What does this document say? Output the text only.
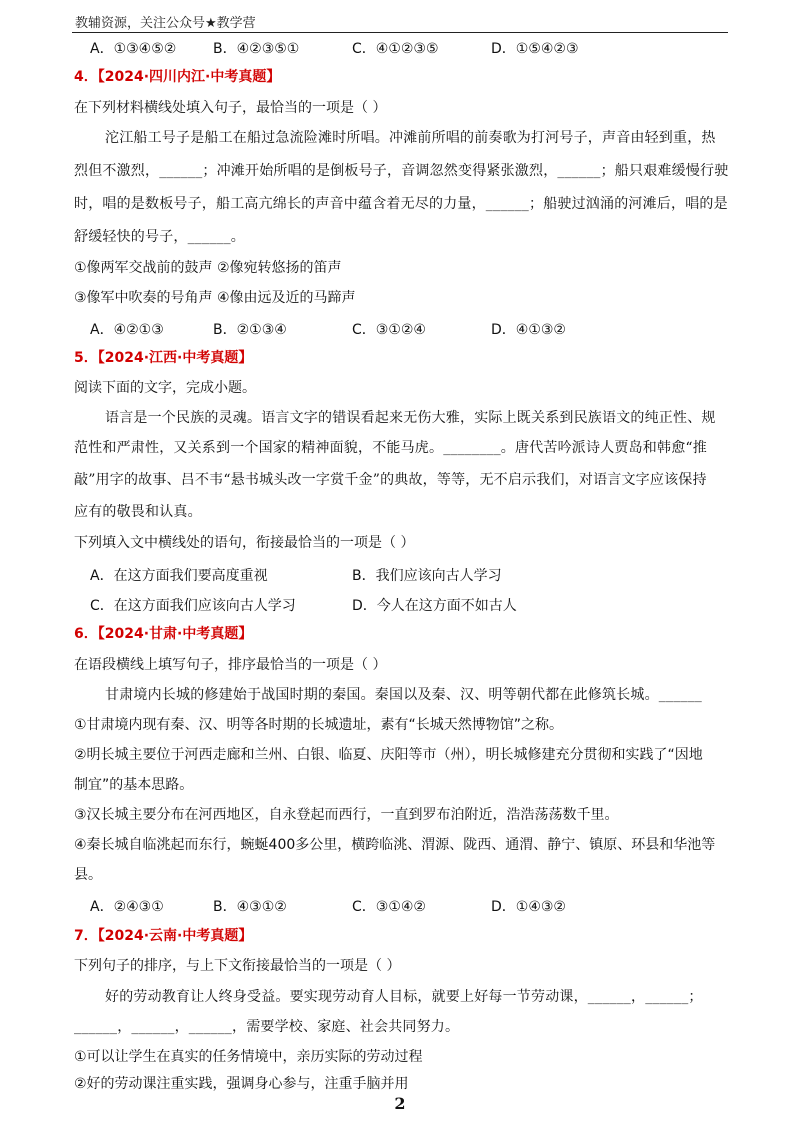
教辅资源，关注公众号★教学营
A．①③④⑤②	B．④②③⑤①	C．④①②③⑤	D．①⑤④②③
4．【2024·四川内江·中考真题】
在下列材料横线处填入句子，最恰当的一项是（ ）
沱江船工号子是船工在船过急流险滩时所唱。冲滩前所唱的前奏歌为打河号子，声音由轻到重，热
烈但不激烈，______；冲滩开始所唱的是倒板号子，音调忽然变得紧张激烈，______；船只艰难缓慢行驶
时，唱的是数板号子，船工高亢绵长的声音中蕴含着无尽的力量，______；船驶过汹涌的河滩后，唱的是
舒缓轻快的号子，______。
①像两军交战前的鼓声 ②像宛转悠扬的笛声
③像军中吹奏的号角声 ④像由远及近的马蹄声
A．④②①③	B．②①③④	C．③①②④	D．④①③②
5．【2024·江西·中考真题】
阅读下面的文字，完成小题。
语言是一个民族的灵魂。语言文字的错误看起来无伤大雅，实际上既关系到民族语文的纯正性、规
范性和严肃性，又关系到一个国家的精神面貌，不能马虎。________。唐代苦吟派诗人贾岛和韩愈“推
敲”用字的故事、吕不韦“悬书城头改一字赏千金”的典故，等等，无不启示我们，对语言文字应该保持
应有的敬畏和认真。
下列填入文中横线处的语句，衔接最恰当的一项是（ ）
A．在这方面我们要高度重视	B．我们应该向古人学习
C．在这方面我们应该向古人学习	D．今人在这方面不如古人
6．【2024·甘肃·中考真题】
在语段横线上填写句子，排序最恰当的一项是（ ）
甘肃境内长城的修建始于战国时期的秦国。秦国以及秦、汉、明等朝代都在此修筑长城。______
①甘肃境内现有秦、汉、明等各时期的长城遗址，素有“长城天然博物馆”之称。
②明长城主要位于河西走廊和兰州、白银、临夏、庆阳等市（州），明长城修建充分贯彻和实践了“因地
制宜”的基本思路。
③汉长城主要分布在河西地区，自永登起而西行，一直到罗布泊附近，浩浩荡荡数千里。
④秦长城自临洮起而东行，蜿蜒400多公里，横跨临洮、渭源、陇西、通渭、静宁、镇原、环县和华池等
县。
A．②④③①	B．④③①②	C．③①④②	D．①④③②
7．【2024·云南·中考真题】
下列句子的排序，与上下文衔接最恰当的一项是（ ）
好的劳动教育让人终身受益。要实现劳动育人目标，就要上好每一节劳动课，______，______；
______，______，______，需要学校、家庭、社会共同努力。
①可以让学生在真实的任务情境中，亲历实际的劳动过程
②好的劳动课注重实践，强调身心参与，注重手脑并用
2
